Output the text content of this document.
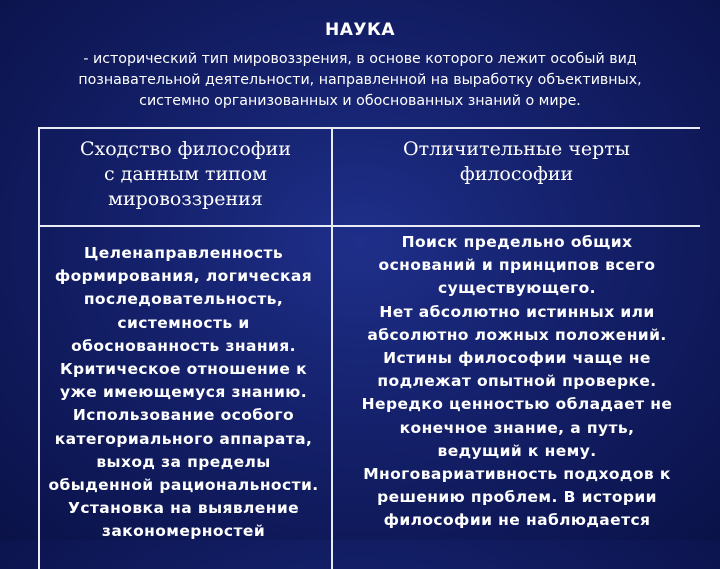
НАУКА
- исторический тип мировоззрения, в основе которого лежит особый вид
познавательной деятельности, направленной на выработку объективных,
системно организованных и обоснованных знаний о мире.
Сходство философии
с данным типом
мировоззрения
Отличительные черты
философии
Целенаправленность
формирования, логическая
последовательность,
системность и
обоснованность знания.
Критическое отношение к
уже имеющемуся знанию.
Использование особого
категориального аппарата,
выход за пределы
обыденной рациональности.
Установка на выявление
закономерностей
Поиск предельно общих
оснований и принципов всего
существующего.
Нет абсолютно истинных или
абсолютно ложных положений.
Истины философии чаще не
подлежат опытной проверке.
Нередко ценностью обладает не
конечное знание, а путь,
ведущий к нему.
Многовариативность подходов к
решению проблем. В истории
философии не наблюдается
